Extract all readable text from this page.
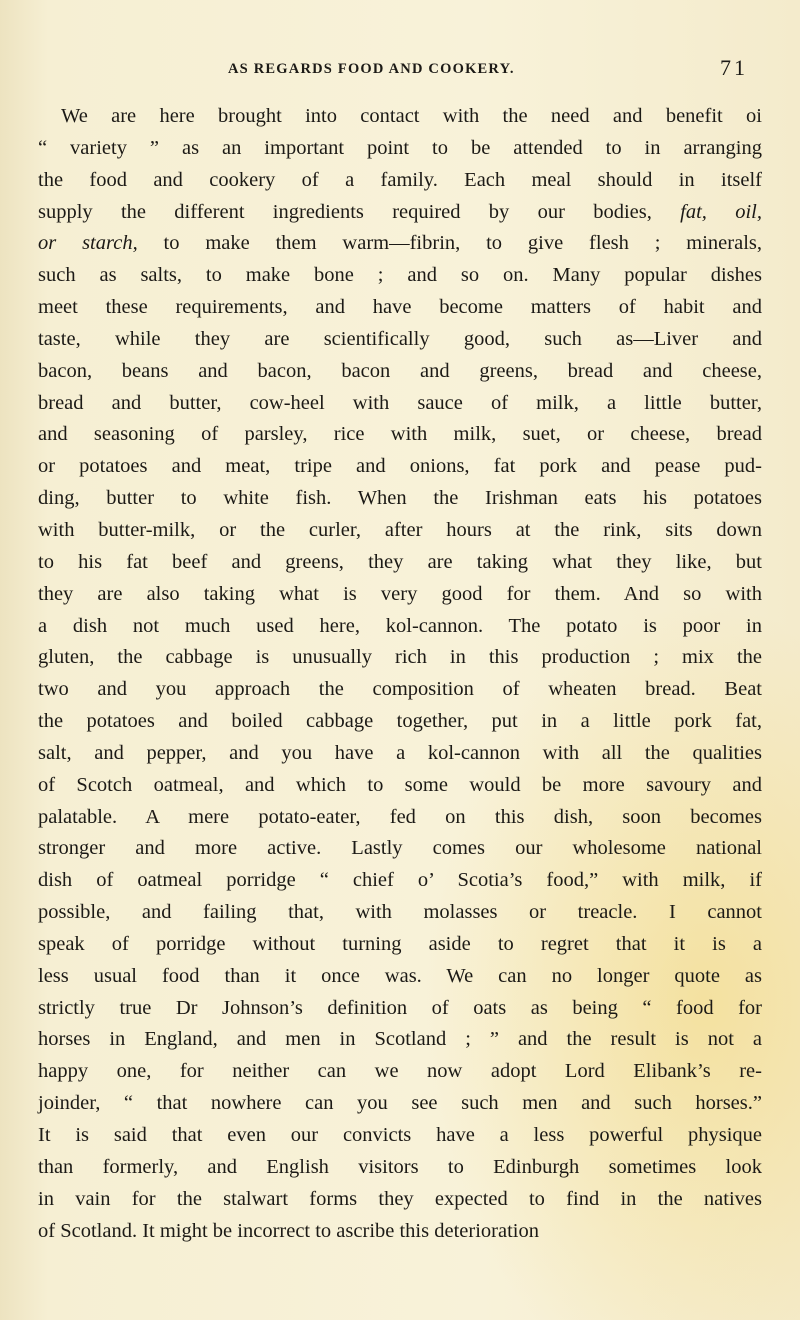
AS REGARDS FOOD AND COOKERY.	71
We are here brought into contact with the need and benefit oi
“ variety ” as an important point to be attended to in arranging
the food and cookery of a family. Each meal should in itself
supply the different ingredients required by our bodies, fat, oil,
or starch, to make them warm—fibrin, to give flesh ; minerals,
such as salts, to make bone ; and so on. Many popular dishes
meet these requirements, and have become matters of habit and
taste, while they are scientifically good, such as—Liver and
bacon, beans and bacon, bacon and greens, bread and cheese,
bread and butter, cow-heel with sauce of milk, a little butter,
and seasoning of parsley, rice with milk, suet, or cheese, bread
or potatoes and meat, tripe and onions, fat pork and pease pud-
ding, butter to white fish. When the Irishman eats his potatoes
with butter-milk, or the curler, after hours at the rink, sits down
to his fat beef and greens, they are taking what they like, but
they are also taking what is very good for them. And so with
a dish not much used here, kol-cannon. The potato is poor in
gluten, the cabbage is unusually rich in this production ; mix the
two and you approach the composition of wheaten bread. Beat
the potatoes and boiled cabbage together, put in a little pork fat,
salt, and pepper, and you have a kol-cannon with all the qualities
of Scotch oatmeal, and which to some would be more savoury and
palatable. A mere potato-eater, fed on this dish, soon becomes
stronger and more active. Lastly comes our wholesome national
dish of oatmeal porridge “ chief o’ Scotia’s food,” with milk, if
possible, and failing that, with molasses or treacle. I cannot
speak of porridge without turning aside to regret that it is a
less usual food than it once was. We can no longer quote as
strictly true Dr Johnson’s definition of oats as being “ food for
horses in England, and men in Scotland ; ” and the result is not a
happy one, for neither can we now adopt Lord Elibank’s re-
joinder, “ that nowhere can you see such men and such horses.”
It is said that even our convicts have a less powerful physique
than formerly, and English visitors to Edinburgh sometimes look
in vain for the stalwart forms they expected to find in the natives
of Scotland. It might be incorrect to ascribe this deterioration
